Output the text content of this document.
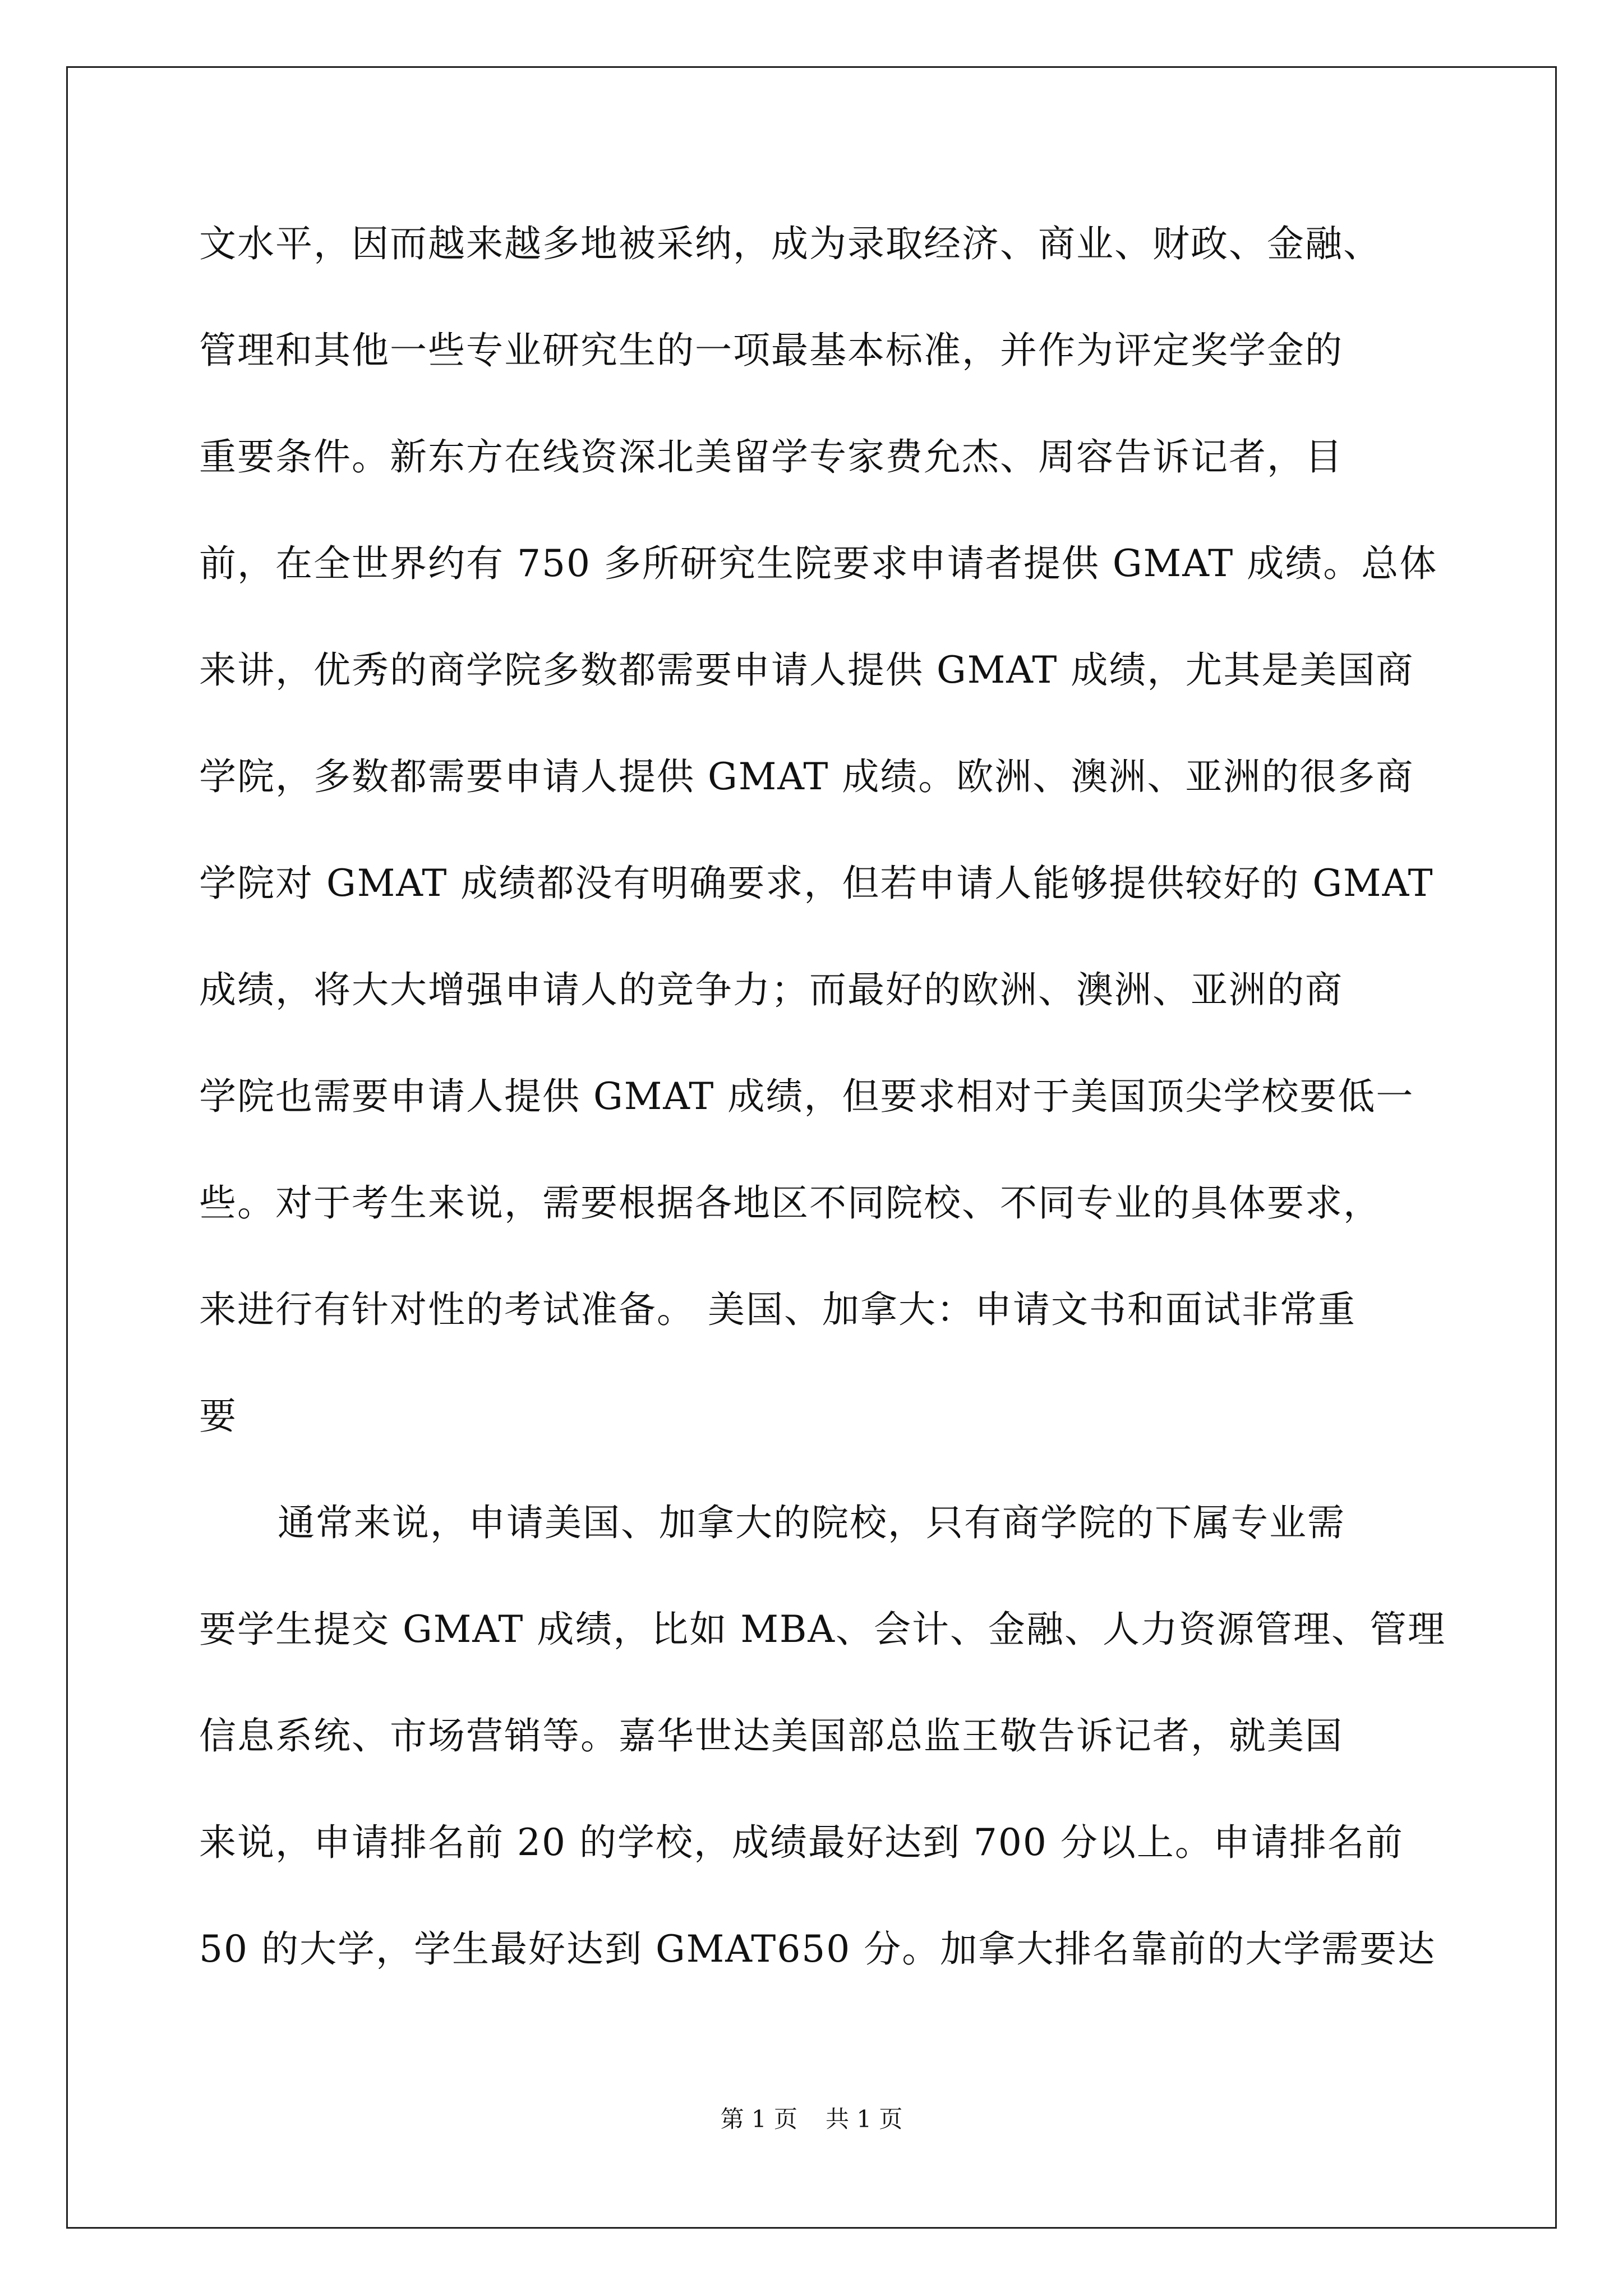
文水平，因而越来越多地被采纳，成为录取经济、商业、财政、金融、
管理和其他一些专业研究生的一项最基本标准，并作为评定奖学金的
重要条件。新东方在线资深北美留学专家费允杰、周容告诉记者，目
前，在全世界约有 750 多所研究生院要求申请者提供 GMAT 成绩。总体
来讲，优秀的商学院多数都需要申请人提供 GMAT 成绩，尤其是美国商
学院，多数都需要申请人提供 GMAT 成绩。欧洲、澳洲、亚洲的很多商
学院对 GMAT 成绩都没有明确要求，但若申请人能够提供较好的 GMAT
成绩，将大大增强申请人的竞争力；而最好的欧洲、澳洲、亚洲的商
学院也需要申请人提供 GMAT 成绩，但要求相对于美国顶尖学校要低一
些。对于考生来说，需要根据各地区不同院校、不同专业的具体要求，
来进行有针对性的考试准备。 美国、加拿大：申请文书和面试非常重
要
通常来说，申请美国、加拿大的院校，只有商学院的下属专业需
要学生提交 GMAT 成绩，比如 MBA、会计、金融、人力资源管理、管理
信息系统、市场营销等。嘉华世达美国部总监王敬告诉记者，就美国
来说，申请排名前 20 的学校，成绩最好达到 700 分以上。申请排名前
50 的大学，学生最好达到 GMAT650 分。加拿大排名靠前的大学需要达
第 1 页 共 1 页
